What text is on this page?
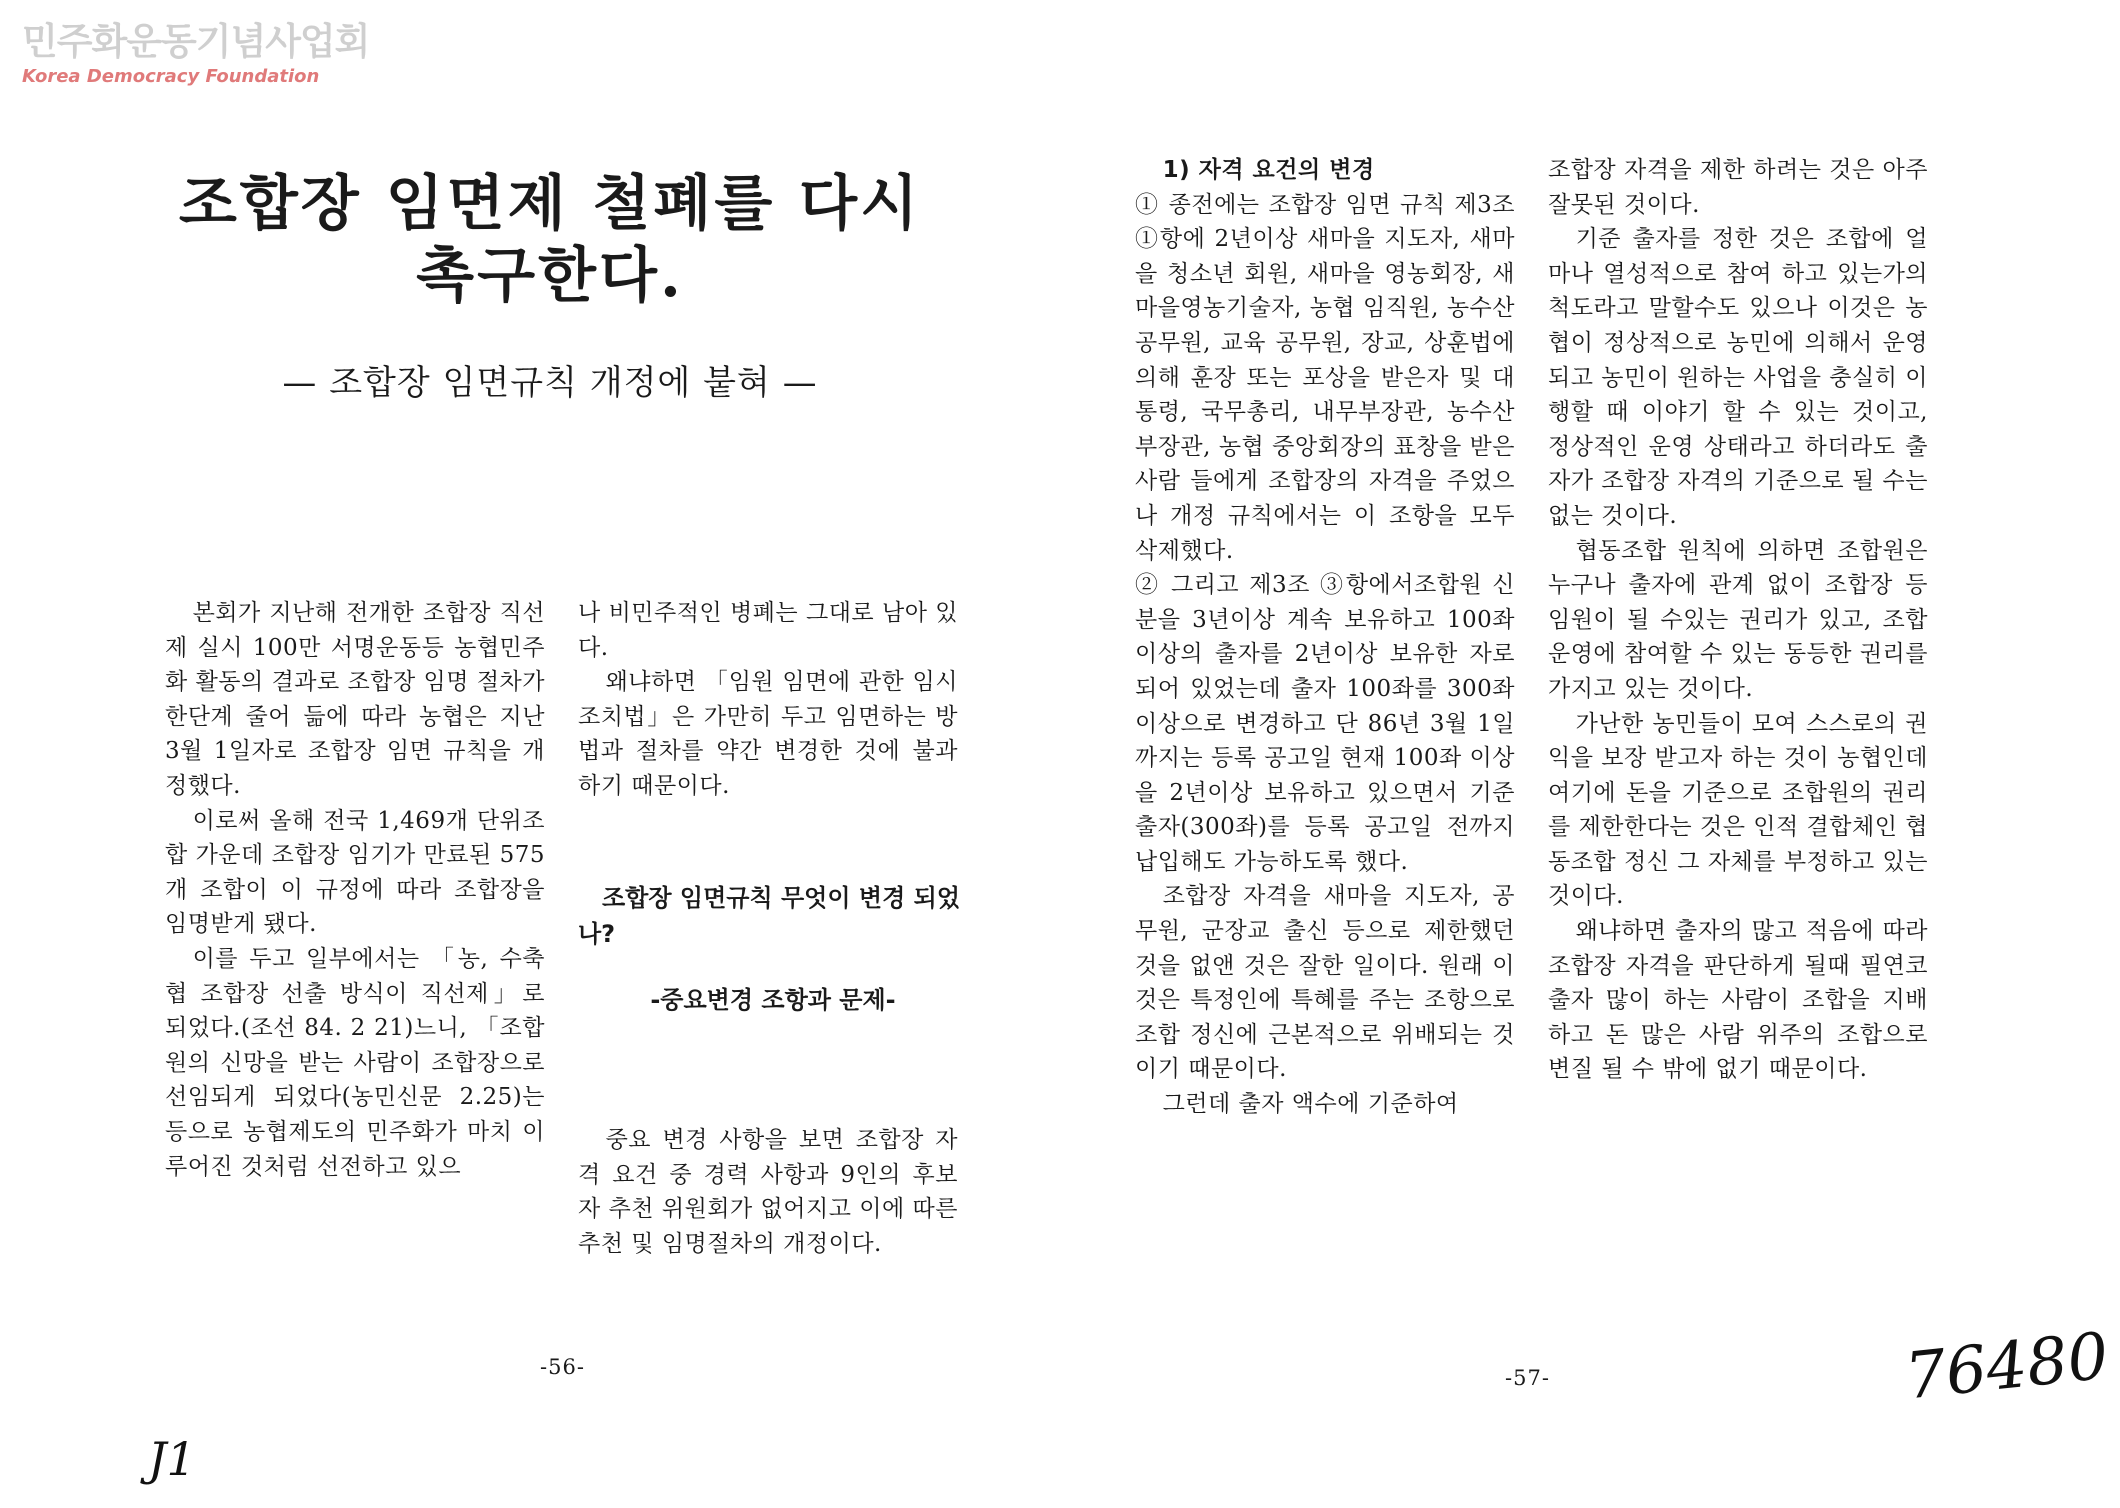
민주화운동기념사업회
Korea Democracy Foundation
조합장 임면제 철폐를 다시
촉구한다.
— 조합장 임면규칙 개정에 붙혀 —

본회가 지난해 전개한 조합장 직선제 실시 100만 서명운동등 농협민주화 활동의 결과로 조합장 임명 절차가 한단계 줄어 듦에 따라 농협은 지난 3월 1일자로 조합장 임면 규칙을 개정했다.

이로써 올해 전국 1,469개 단위조합 가운데 조합장 임기가 만료된 575개 조합이 이 규정에 따라 조합장을 임명받게 됐다.

이를 두고 일부에서는 「농, 수축협 조합장 선출 방식이 직선제」로 되었다.(조선 84. 2 21)느니, 「조합원의 신망을 받는 사람이 조합장으로 선임되게 되었다(농민신문 2.25)는 등으로 농협제도의 민주화가 마치 이루어진 것처럼 선전하고 있으

나 비민주적인 병폐는 그대로 남아 있다.

왜냐하면 「임원 임면에 관한 임시조치법」은 가만히 두고 임면하는 방법과 절차를 약간 변경한 것에 불과 하기 때문이다.

조합장 임면규칙 무엇이 변경 되었나?
-중요변경 조항과 문제-

중요 변경 사항을 보면 조합장 자격 요건 중 경력 사항과 9인의 후보자 추천 위원회가 없어지고 이에 따른 추천 및 임명절차의 개정이다.

-56-
J1

1) 자격 요건의 변경

① 종전에는 조합장 임면 규칙 제3조 ①항에 2년이상 새마을 지도자, 새마을 청소년 회원, 새마을 영농회장, 새마을영농기술자, 농협 임직원, 농수산공무원, 교육 공무원, 장교, 상훈법에 의해 훈장 또는 포상을 받은자 및 대통령, 국무총리, 내무부장관, 농수산부장관, 농협 중앙회장의 표창을 받은 사람 들에게 조합장의 자격을 주었으나 개정 규칙에서는 이 조항을 모두 삭제했다.

② 그리고 제3조 ③항에서조합원 신분을 3년이상 계속 보유하고 100좌 이상의 출자를 2년이상 보유한 자로 되어 있었는데 출자 100좌를 300좌 이상으로 변경하고 단 86년 3월 1일까지는 등록 공고일 현재 100좌 이상을 2년이상 보유하고 있으면서 기준 출자(300좌)를 등록 공고일 전까지 납입해도 가능하도록 했다.

조합장 자격을 새마을 지도자, 공무원, 군장교 출신 등으로 제한했던 것을 없앤 것은 잘한 일이다. 원래 이것은 특정인에 특혜를 주는 조항으로 조합 정신에 근본적으로 위배되는 것이기 때문이다.

그런데 출자 액수에 기준하여

조합장 자격을 제한 하려는 것은 아주 잘못된 것이다.

기준 출자를 정한 것은 조합에 얼마나 열성적으로 참여 하고 있는가의 척도라고 말할수도 있으나 이것은 농협이 정상적으로 농민에 의해서 운영되고 농민이 원하는 사업을 충실히 이행할 때 이야기 할 수 있는 것이고, 정상적인 운영 상태라고 하더라도 출자가 조합장 자격의 기준으로 될 수는 없는 것이다.

협동조합 원칙에 의하면 조합원은 누구나 출자에 관계 없이 조합장 등 임원이 될 수있는 권리가 있고, 조합 운영에 참여할 수 있는 동등한 권리를 가지고 있는 것이다.

가난한 농민들이 모여 스스로의 권익을 보장 받고자 하는 것이 농협인데 여기에 돈을 기준으로 조합원의 권리를 제한한다는 것은 인적 결합체인 협동조합 정신 그 자체를 부정하고 있는 것이다.

왜냐하면 출자의 많고 적음에 따라 조합장 자격을 판단하게 될때 필연코 출자 많이 하는 사람이 조합을 지배 하고 돈 많은 사람 위주의 조합으로 변질 될 수 밖에 없기 때문이다.

-57-	76480
